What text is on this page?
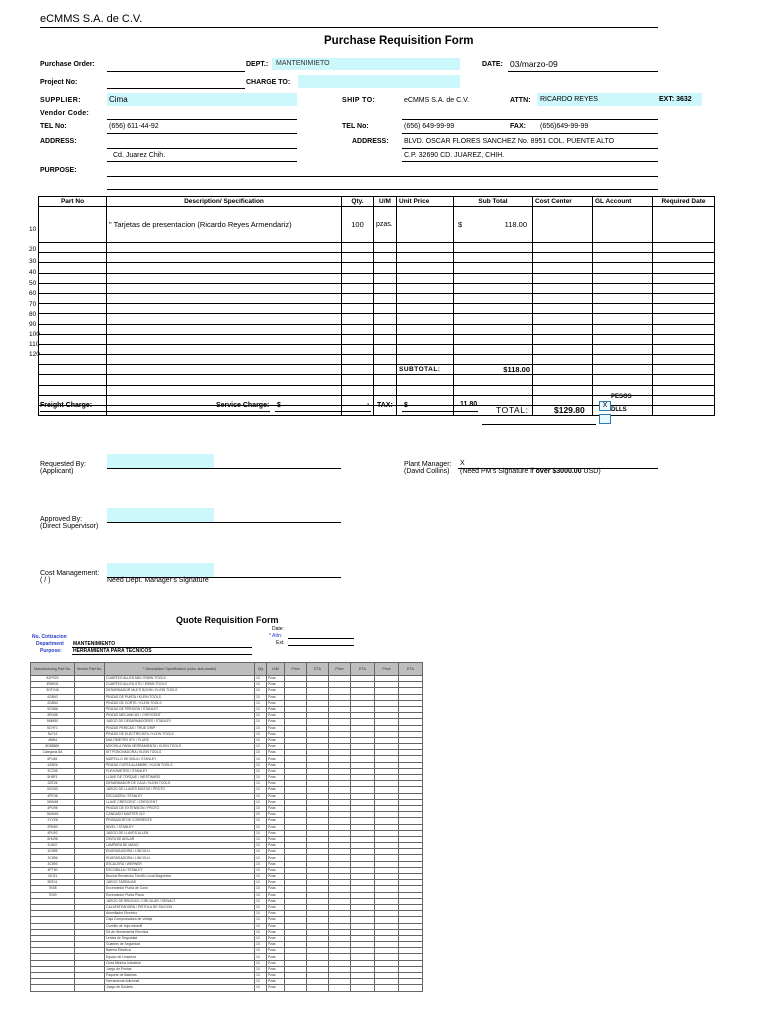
eCMMS S.A. de C.V.
Purchase Requisition Form
Purchase Order:	DEPT.: MANTENIMIETO	DATE: 03/marzo-09
Project No:	CHARGE TO:
SUPPLIER:	Cima	SHIP TO:	eCMMS S.A. de C.V.	ATTN: RICARDO REYES	EXT: 3632
Vendor Code:
TEL No:	(656) 611-44-92	TEL No:	(656) 649-99-99	FAX: (656)649-99-99
ADDRESS:	ADDRESS: BLVD. OSCAR FLORES SANCHEZ No. 8951 COL. PUENTE ALTO
Cd. Juarez Chih.	C.P. 32690 CD. JUAREZ, CHIH.
PURPOSE:
Part No	Description/ Specification	Qty.	U/M	Unit Price	Sub Total	Cost Center	GL Account	Required Date
	" Tarjetas de presentacion (Ricardo Reyes Armendariz)	100	pzas.		$ 118.00			

				SUBTOTAL:	$118.00			

10
20
30
40
50
60
70
80
90
100
110
120
Freight Charge:	Service Charge: $	- TAX: $	11.80
TOTAL:	$129.80
PESOS
X
DLLS
Requested By:
(Applicant)
Plant Manager:
(David Collins)
X
(Need PM's Signature if over $3000.00 USD)
Approved By:
(Direct Supervisor)
Cost Management:
( / )	Need Dept. Manager's Signature
Quote Requisition Form
Date:
* Attn:
Ext.
No. Cotizacion
Department MANTENIMIENTO
Purpose: HERRAMIENTA PARA TECNICOS
Manufacturing Part No.	Vendor Part No.	* Description/ Specification (color, size,model)	Qty	U/M	Price	ETA	Price	ETA	Price	ETA
81PS03		CUARTEO ALLEN MM / IRWIN TOOLS	10	Pzas						
IRWIN1		CUARTEO ALLEN STD / IRWIN TOOLS	10	Pzas						
9GF246		DESARMADOR MULTI BOOM / KLEIN TOOLS	10	Pzas						
4G8N2		PINZAS DE PUNTA / KLEIN TOOLS	10	Pzas						
4G8N4		PINZAS DE CORTE / KLEIN TOOLS	10	Pzas						
9CN86		PINZAS DE PRESION / STANLEY	10	Pzas						
3RU56		PINZAS MECANICAS / CRESCENT	10	Pzas						
5MM50		JUEGO DE DESARMADORES / STANLEY	10	Pzas						
5CHT1		PINZAS PERICAS / TRUE GRIP	10	Pzas						
5LF14		PINZAS DE ELECTRICISTA / KLEIN TOOLS	10	Pzas						
4MN4		MULTIMETRO 87V / FLUKE	10	Pzas						
6D8586K		MOCHILA PARA HERRAMIENTA / KLEIN TOOLS	10	Pzas						
Categoria 8A		KIT PONCHADORA / KLEIN TOOLS	10	Pzas						
6PU81		MARTILLO DE BOLA / STANLEY	10	Pzas						
4Z6R6		PINZAS CORTA ALAMBRE / KLEIN TOOLS	10	Pzas						
3C246		FLEXOMETRO / STANLEY	10	Pzas						
5H8F1		LLAVE DE TORQUE / WESTWARD	10	Pzas						
3ZE26		DESARMADOR DE CAJA / KLEIN TOOLS	10	Pzas						
5XG53		JUEGO DE LLAVES MIXTAS / PROTO	10	Pzas						
4PE36		ESCUADRA / STANLEY	10	Pzas						
3HW48		LLAVE CRESCENT / CRESCENT	10	Pzas						
4PU96		PINZAS DE EXTENSION / PROTO	10	Pzas						
3WM45		CANDADO MASTER 410	20	Pzas						
1YYE6		PROBADOR DE CORRIENTE	10	Pzas						
2RK83		NIVEL / STANLEY	10	Pzas						
4PU92		JUEGO DE LLAVES ALLEN	10	Pzas						
5HU96		CINTA DE AISLAR	10	Pzas						
2U847		LAMPARA DE MANO	10	Pzas						
3C895		ENGRASADORA / LINCOLN	10	Pzas						
3C896		ENGRASADORA / LINCOLN	10	Pzas						
3C893		ESCALERA / WERNER	10	Pzas						
4PT50		ESCOBILLA / STANLEY	10	Pzas						
4XJ11		Brocha Recolector Tornillo Local Magnetico	10	Pzas						
5EE11		JUEGO TARRAJAS	10	Pzas						
7K68		Encendedor Punta de Cono	10	Pzas						
7K69		Encendedor Punta Plana	10	Pzas						
		JUEGO DE BROCAS / CIRCULAR / DEWALT	10	Pzas						
		CALAFATEADORA / PISTOLA DE SILICON	10	Pzas						
		Atornillador Electrico	10	Pzas						
		Caja Comprobadora de Voltaje	10	Pzas						
		Cuchillo de hoja retractil	10	Pzas						
		Kit de Herramienta Electrica	10	Pzas						
		Lentes de Seguridad	10	Pzas						
		Guantes de Seguridad	10	Pzas						
		Batería Eléctrica	10	Pzas						
		Equipo de Limpieza	10	Pzas						
		Cinta Métrica Industrial	10	Pzas						
		Juego de Puntas	10	Pzas						
		Paquete de Baterias	10	Pzas						
		Herramienta Adicional	10	Pzas						
		Juego de Sockets	10	Pzas						
